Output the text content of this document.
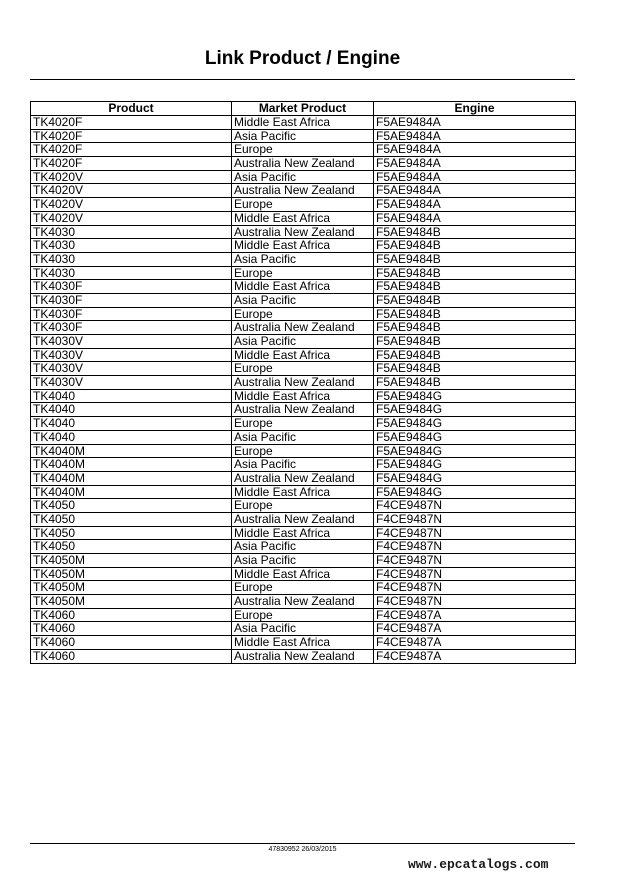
Link Product / Engine
Product	Market Product	Engine
TK4020F	Middle East Africa	F5AE9484A
TK4020F	Asia Pacific	F5AE9484A
TK4020F	Europe	F5AE9484A
TK4020F	Australia New Zealand	F5AE9484A
TK4020V	Asia Pacific	F5AE9484A
TK4020V	Australia New Zealand	F5AE9484A
TK4020V	Europe	F5AE9484A
TK4020V	Middle East Africa	F5AE9484A
TK4030	Australia New Zealand	F5AE9484B
TK4030	Middle East Africa	F5AE9484B
TK4030	Asia Pacific	F5AE9484B
TK4030	Europe	F5AE9484B
TK4030F	Middle East Africa	F5AE9484B
TK4030F	Asia Pacific	F5AE9484B
TK4030F	Europe	F5AE9484B
TK4030F	Australia New Zealand	F5AE9484B
TK4030V	Asia Pacific	F5AE9484B
TK4030V	Middle East Africa	F5AE9484B
TK4030V	Europe	F5AE9484B
TK4030V	Australia New Zealand	F5AE9484B
TK4040	Middle East Africa	F5AE9484G
TK4040	Australia New Zealand	F5AE9484G
TK4040	Europe	F5AE9484G
TK4040	Asia Pacific	F5AE9484G
TK4040M	Europe	F5AE9484G
TK4040M	Asia Pacific	F5AE9484G
TK4040M	Australia New Zealand	F5AE9484G
TK4040M	Middle East Africa	F5AE9484G
TK4050	Europe	F4CE9487N
TK4050	Australia New Zealand	F4CE9487N
TK4050	Middle East Africa	F4CE9487N
TK4050	Asia Pacific	F4CE9487N
TK4050M	Asia Pacific	F4CE9487N
TK4050M	Middle East Africa	F4CE9487N
TK4050M	Europe	F4CE9487N
TK4050M	Australia New Zealand	F4CE9487N
TK4060	Europe	F4CE9487A
TK4060	Asia Pacific	F4CE9487A
TK4060	Middle East Africa	F4CE9487A
TK4060	Australia New Zealand	F4CE9487A
47830952 26/03/2015
www.epcatalogs.com
